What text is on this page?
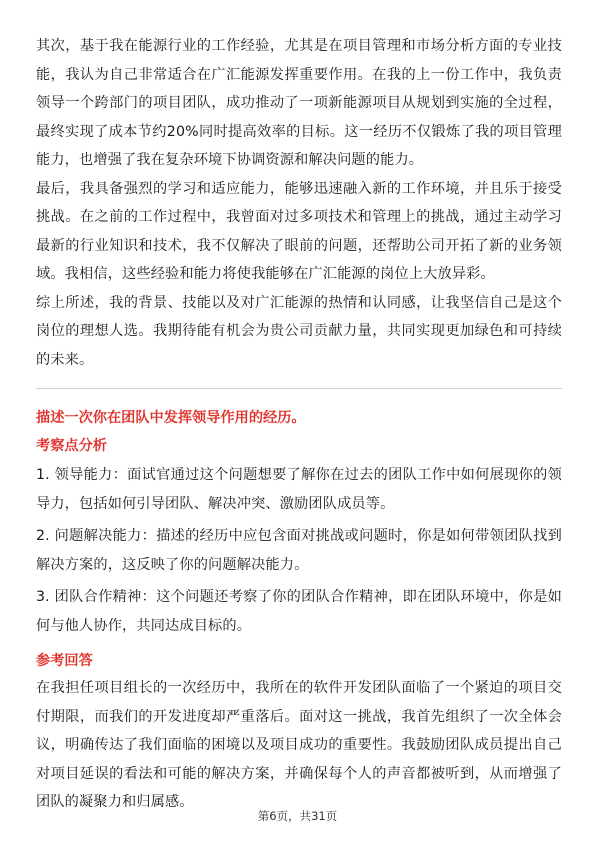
其次，基于我在能源行业的工作经验，尤其是在项目管理和市场分析方面的专业技能，我认为自己非常适合在广汇能源发挥重要作用。在我的上一份工作中，我负责领导一个跨部门的项目团队，成功推动了一项新能源项目从规划到实施的全过程，最终实现了成本节约20%同时提高效率的目标。这一经历不仅锻炼了我的项目管理能力，也增强了我在复杂环境下协调资源和解决问题的能力。

最后，我具备强烈的学习和适应能力，能够迅速融入新的工作环境，并且乐于接受挑战。在之前的工作过程中，我曾面对过多项技术和管理上的挑战，通过主动学习最新的行业知识和技术，我不仅解决了眼前的问题，还帮助公司开拓了新的业务领域。我相信，这些经验和能力将使我能够在广汇能源的岗位上大放异彩。

综上所述，我的背景、技能以及对广汇能源的热情和认同感，让我坚信自己是这个岗位的理想人选。我期待能有机会为贵公司贡献力量，共同实现更加绿色和可持续的未来。

描述一次你在团队中发挥领导作用的经历。
考察点分析

1. 领导能力：面试官通过这个问题想要了解你在过去的团队工作中如何展现你的领导力，包括如何引导团队、解决冲突、激励团队成员等。

2. 问题解决能力：描述的经历中应包含面对挑战或问题时，你是如何带领团队找到解决方案的，这反映了你的问题解决能力。

3. 团队合作精神：这个问题还考察了你的团队合作精神，即在团队环境中，你是如何与他人协作，共同达成目标的。

参考回答

在我担任项目组长的一次经历中，我所在的软件开发团队面临了一个紧迫的项目交付期限，而我们的开发进度却严重落后。面对这一挑战，我首先组织了一次全体会议，明确传达了我们面临的困境以及项目成功的重要性。我鼓励团队成员提出自己对项目延误的看法和可能的解决方案，并确保每个人的声音都被听到，从而增强了团队的凝聚力和归属感。

第6页，共31页
